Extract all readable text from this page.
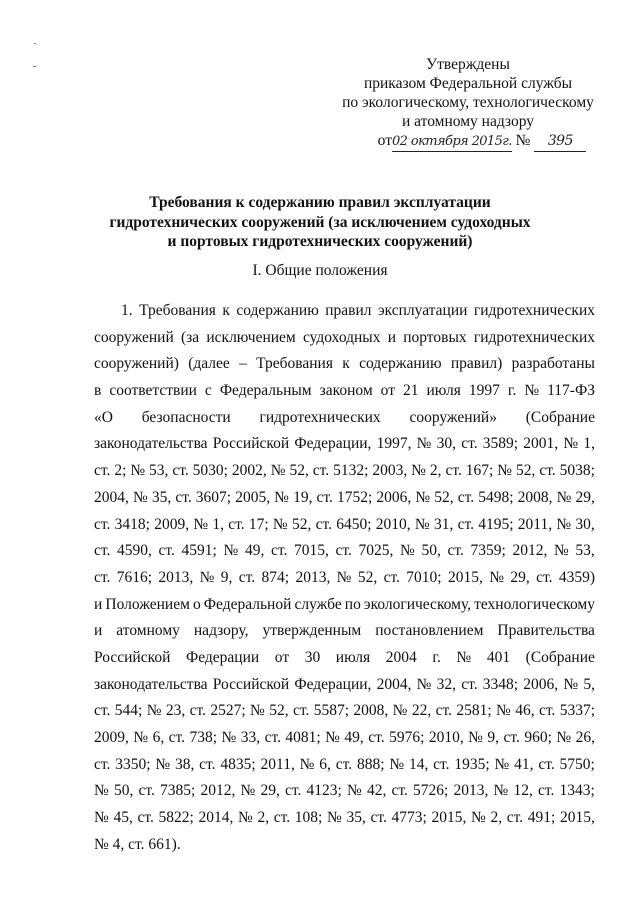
Утверждены
приказом Федеральной службы
по экологическому, технологическому
и атомному надзору
от02 октября 2015г. № 395
Требования к содержанию правил эксплуатации
гидротехнических сооружений (за исключением судоходных
и портовых гидротехнических сооружений)
I. Общие положения
1. Требования к содержанию правил эксплуатации гидротехнических
сооружений (за исключением судоходных и портовых гидротехнических
сооружений) (далее – Требования к содержанию правил) разработаны
в соответствии с Федеральным законом от 21 июля 1997 г. № 117-ФЗ
«О безопасности гидротехнических сооружений» (Собрание
законодательства Российской Федерации, 1997, № 30, ст. 3589; 2001, № 1,
ст. 2; № 53, ст. 5030; 2002, № 52, ст. 5132; 2003, № 2, ст. 167; № 52, ст. 5038;
2004, № 35, ст. 3607; 2005, № 19, ст. 1752; 2006, № 52, ст. 5498; 2008, № 29,
ст. 3418; 2009, № 1, ст. 17; № 52, ст. 6450; 2010, № 31, ст. 4195; 2011, № 30,
ст. 4590, ст. 4591; № 49, ст. 7015, ст. 7025, № 50, ст. 7359; 2012, № 53,
ст. 7616; 2013, № 9, ст. 874; 2013, № 52, ст. 7010; 2015, № 29, ст. 4359)
и Положением о Федеральной службе по экологическому, технологическому
и атомному надзору, утвержденным постановлением Правительства
Российской Федерации от 30 июля 2004 г. № 401 (Собрание
законодательства Российской Федерации, 2004, № 32, ст. 3348; 2006, № 5,
ст. 544; № 23, ст. 2527; № 52, ст. 5587; 2008, № 22, ст. 2581; № 46, ст. 5337;
2009, № 6, ст. 738; № 33, ст. 4081; № 49, ст. 5976; 2010, № 9, ст. 960; № 26,
ст. 3350; № 38, ст. 4835; 2011, № 6, ст. 888; № 14, ст. 1935; № 41, ст. 5750;
№ 50, ст. 7385; 2012, № 29, ст. 4123; № 42, ст. 5726; 2013, № 12, ст. 1343;
№ 45, ст. 5822; 2014, № 2, ст. 108; № 35, ст. 4773; 2015, № 2, ст. 491; 2015,
№ 4, ст. 661).
